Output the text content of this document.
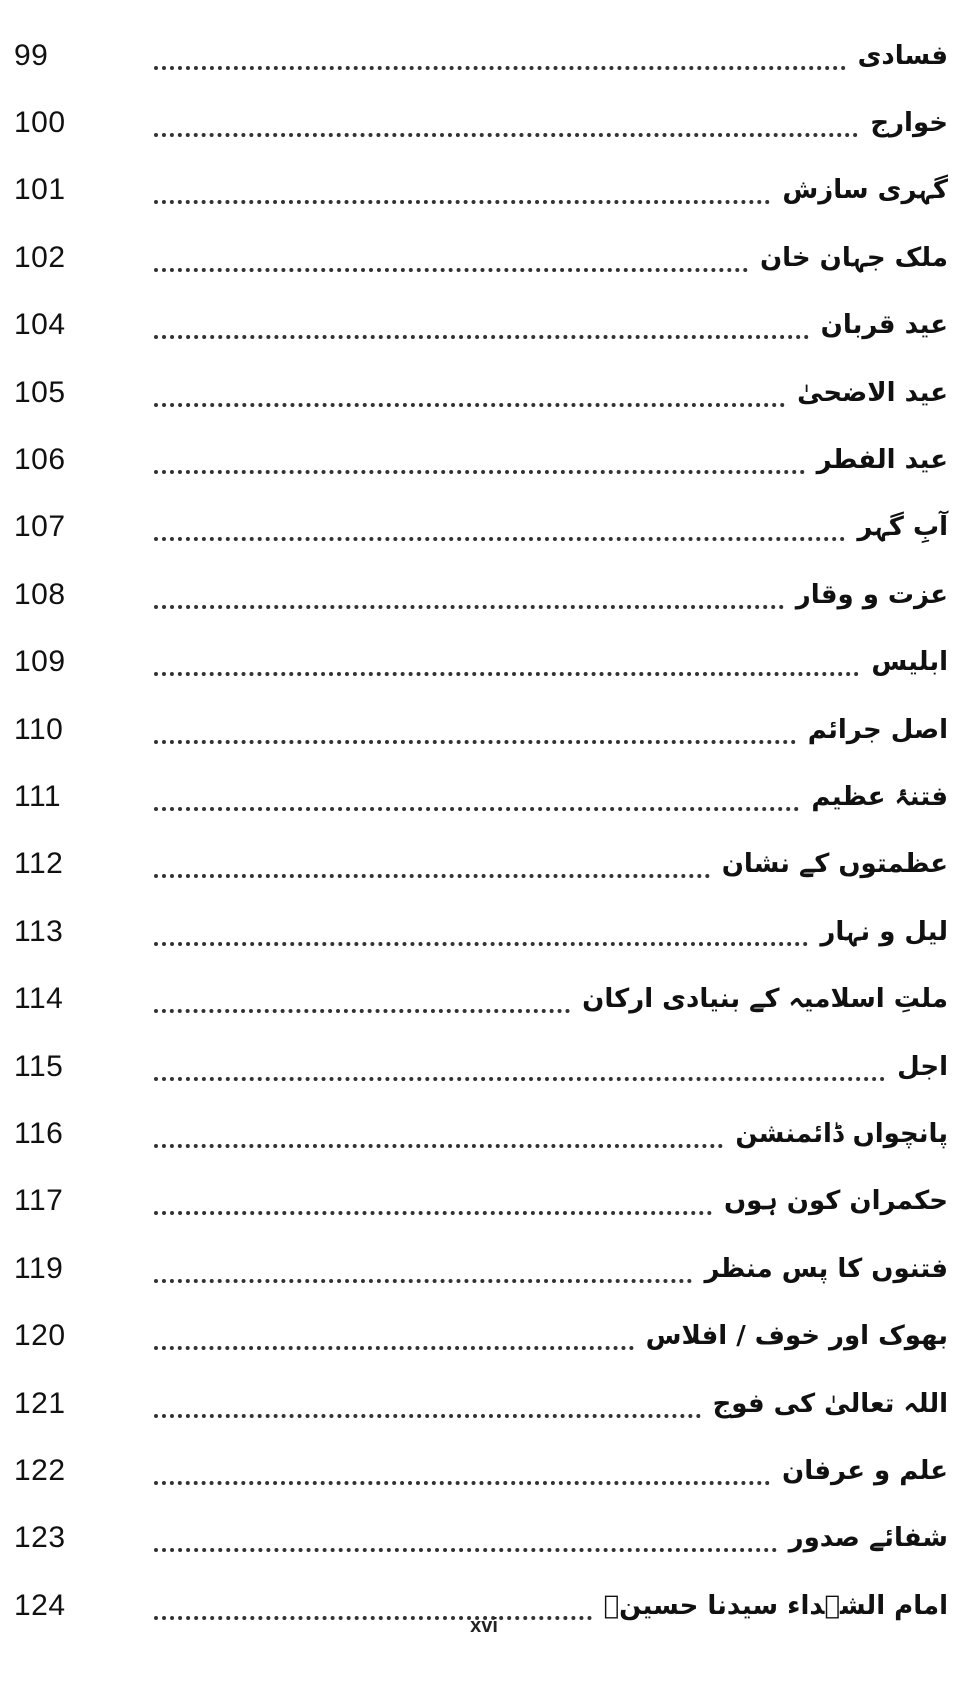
99	فسادی
100	خوارج
101	گہری سازش
102	ملک جہان خان
104	عید قربان
105	عید الاضحیٰ
106	عید الفطر
107	آبِ گہر
108	عزت و وقار
109	ابلیس
110	اصل جرائم
111	فتنۂ عظیم
112	عظمتوں کے نشان
113	لیل و نہار
114	ملتِ اسلامیہ کے بنیادی ارکان
115	اجل
116	پانچواں ڈائمنشن
117	حکمران کون ہوں
119	فتنوں کا پس منظر
120	بھوک اور خوف / افلاس
121	اللہ تعالیٰ کی فوج
122	علم و عرفان
123	شفائے صدور
124	امام الشہداء سیدنا حسینؓ
xvi
